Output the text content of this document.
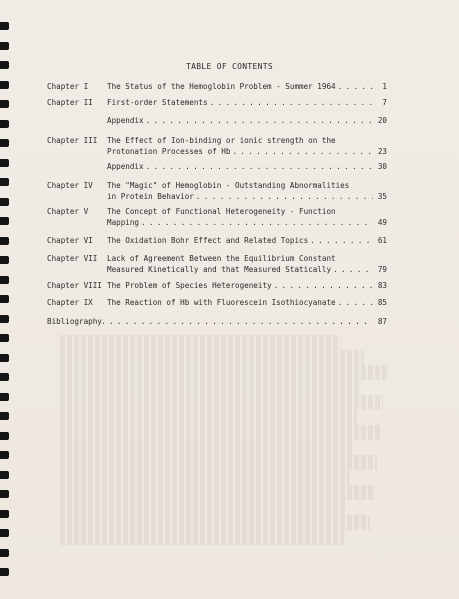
TABLE OF CONTENTS
Chapter I The Status of the Hemoglobin Problem - Summer 1964 . . .	1
Chapter II First-order Statements . . .	7
Appendix . . .	20
Chapter III The Effect of Ion-binding or ionic strength on the
Protonation Processes of Hb . . .	23
Appendix . . .	30
Chapter IV The "Magic" of Hemoglobin - Outstanding Abnormalities
in Protein Behavior . . .	35
Chapter V The Concept of Functional Heterogeneity - Function
Mapping . . .	49
Chapter VI The Oxidation Bohr Effect and Related Topics . . .	61
Chapter VII Lack of Agreement Between the Equilibrium Constant
Measured Kinetically and that Measured Statically . . .	79
Chapter VIII The Problem of Species Heterogeneity . . .	83
Chapter IX The Reaction of Hb with Fluorescein Isothiocyanate . . .	85
Bibliography . . .	87
